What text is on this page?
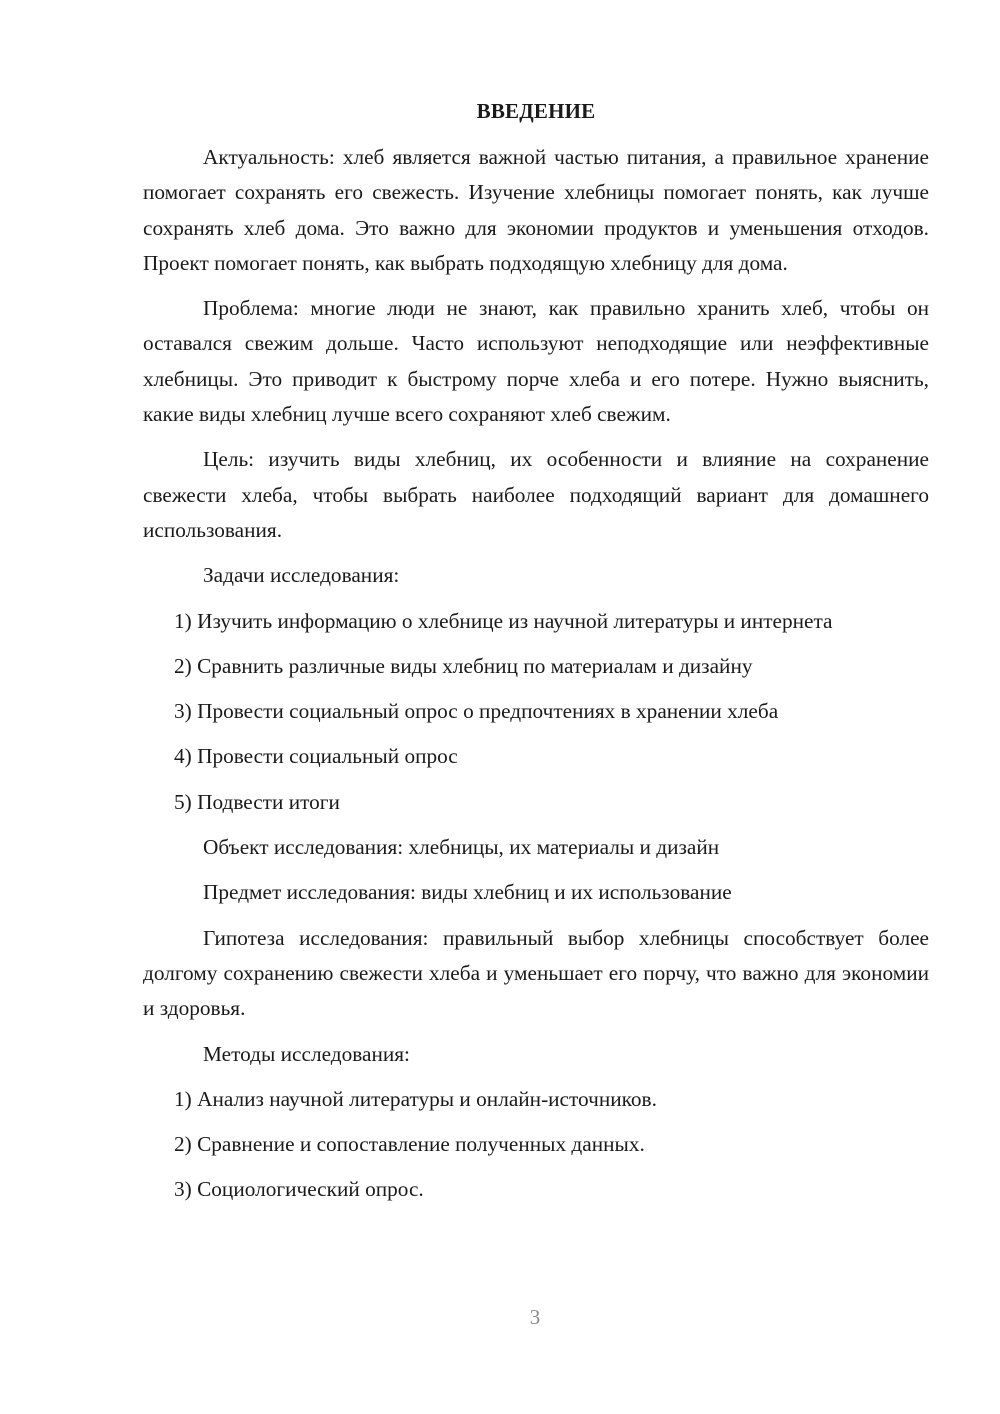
ВВЕДЕНИЕ

Актуальность: хлеб является важной частью питания, а правильное хранение помогает сохранять его свежесть. Изучение хлебницы помогает понять, как лучше сохранять хлеб дома. Это важно для экономии продуктов и уменьшения отходов. Проект помогает понять, как выбрать подходящую хлебницу для дома.

Проблема: многие люди не знают, как правильно хранить хлеб, чтобы он оставался свежим дольше. Часто используют неподходящие или неэффективные хлебницы. Это приводит к быстрому порче хлеба и его потере. Нужно выяснить, какие виды хлебниц лучше всего сохраняют хлеб свежим.

Цель: изучить виды хлебниц, их особенности и влияние на сохранение свежести хлеба, чтобы выбрать наиболее подходящий вариант для домашнего использования.

Задачи исследования:

1) Изучить информацию о хлебнице из научной литературы и интернета

2) Сравнить различные виды хлебниц по материалам и дизайну

3) Провести социальный опрос о предпочтениях в хранении хлеба

4) Провести социальный опрос

5) Подвести итоги

Объект исследования: хлебницы, их материалы и дизайн

Предмет исследования: виды хлебниц и их использование

Гипотеза исследования: правильный выбор хлебницы способствует более долгому сохранению свежести хлеба и уменьшает его порчу, что важно для экономии и здоровья.

Методы исследования:

1) Анализ научной литературы и онлайн-источников.

2) Сравнение и сопоставление полученных данных.

3) Социологический опрос.

3
